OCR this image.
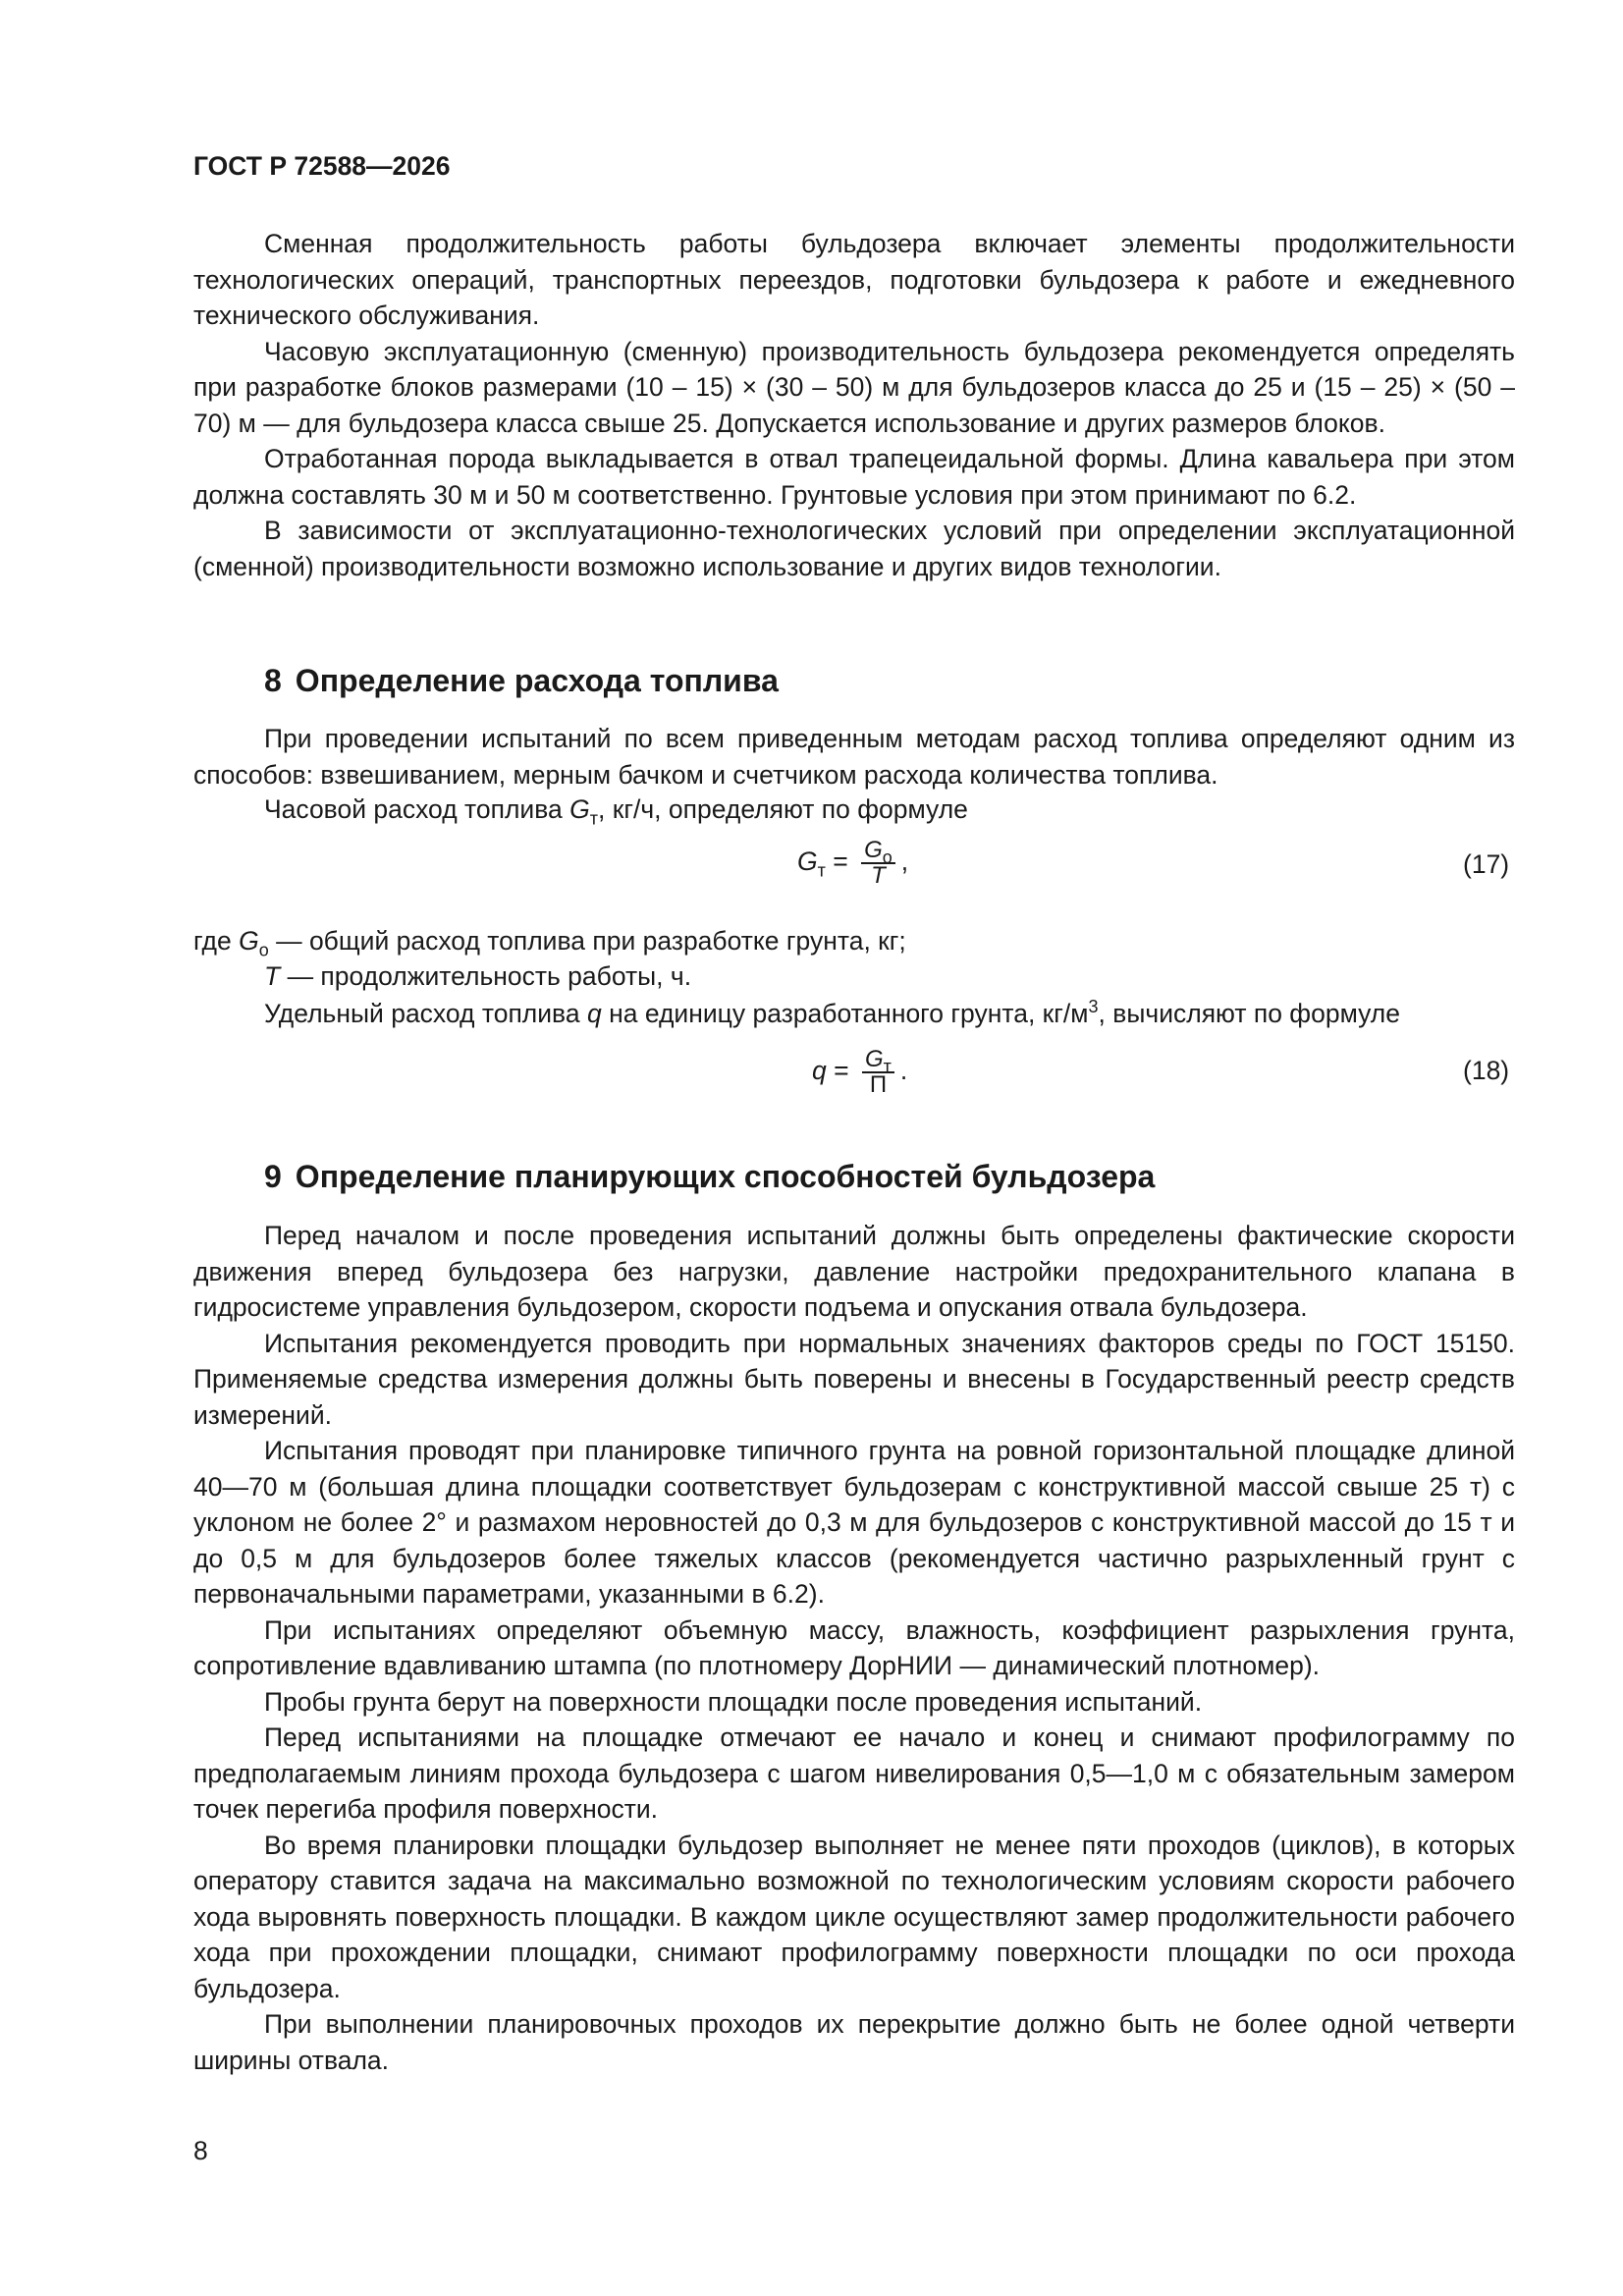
ГОСТ Р 72588—2026

Сменная продолжительность работы бульдозера включает элементы продолжительности технологических операций, транспортных переездов, подготовки бульдозера к работе и ежедневного технического обслуживания.

Часовую эксплуатационную (сменную) производительность бульдозера рекомендуется определять при разработке блоков размерами (10 – 15) × (30 – 50) м для бульдозеров класса до 25 и (15 – 25) × (50 – 70) м — для бульдозера класса свыше 25. Допускается использование и других размеров блоков.

Отработанная порода выкладывается в отвал трапецеидальной формы. Длина кавальера при этом должна составлять 30 м и 50 м соответственно. Грунтовые условия при этом принимают по 6.2.

В зависимости от эксплуатационно-технологических условий при определении эксплуатационной (сменной) производительности возможно использование и других видов технологии.

8 Определение расхода топлива

При проведении испытаний по всем приведенным методам расход топлива определяют одним из способов: взвешиванием, мерным бачком и счетчиком расхода количества топлива.

Часовой расход топлива $G_т$, кг/ч, определяют по формуле
$G_т = \frac{G_о}{T}$ ,	(17)
где $G_о$ — общий расход топлива при разработке грунта, кг;
T — продолжительность работы, ч.
Удельный расход топлива q на единицу разработанного грунта, $кг/м^3$, вычисляют по формуле
$q = \frac{G_т}{П}$ .	(18)
9 Определение планирующих способностей бульдозера

Перед началом и после проведения испытаний должны быть определены фактические скорости движения вперед бульдозера без нагрузки, давление настройки предохранительного клапана в гидросистеме управления бульдозером, скорости подъема и опускания отвала бульдозера.

Испытания рекомендуется проводить при нормальных значениях факторов среды по ГОСТ 15150. Применяемые средства измерения должны быть поверены и внесены в Государственный реестр средств измерений.

Испытания проводят при планировке типичного грунта на ровной горизонтальной площадке длиной 40—70 м (большая длина площадки соответствует бульдозерам с конструктивной массой свыше 25 т) с уклоном не более 2° и размахом неровностей до 0,3 м для бульдозеров с конструктивной массой до 15 т и до 0,5 м для бульдозеров более тяжелых классов (рекомендуется частично разрыхленный грунт с первоначальными параметрами, указанными в 6.2).

При испытаниях определяют объемную массу, влажность, коэффициент разрыхления грунта, сопротивление вдавливанию штампа (по плотномеру ДорНИИ — динамический плотномер).

Пробы грунта берут на поверхности площадки после проведения испытаний.

Перед испытаниями на площадке отмечают ее начало и конец и снимают профилограмму по предполагаемым линиям прохода бульдозера с шагом нивелирования 0,5—1,0 м с обязательным замером точек перегиба профиля поверхности.

Во время планировки площадки бульдозер выполняет не менее пяти проходов (циклов), в которых оператору ставится задача на максимально возможной по технологическим условиям скорости рабочего хода выровнять поверхность площадки. В каждом цикле осуществляют замер продолжительности рабочего хода при прохождении площадки, снимают профилограмму поверхности площадки по оси прохода бульдозера.

При выполнении планировочных проходов их перекрытие должно быть не более одной четверти ширины отвала.

8
